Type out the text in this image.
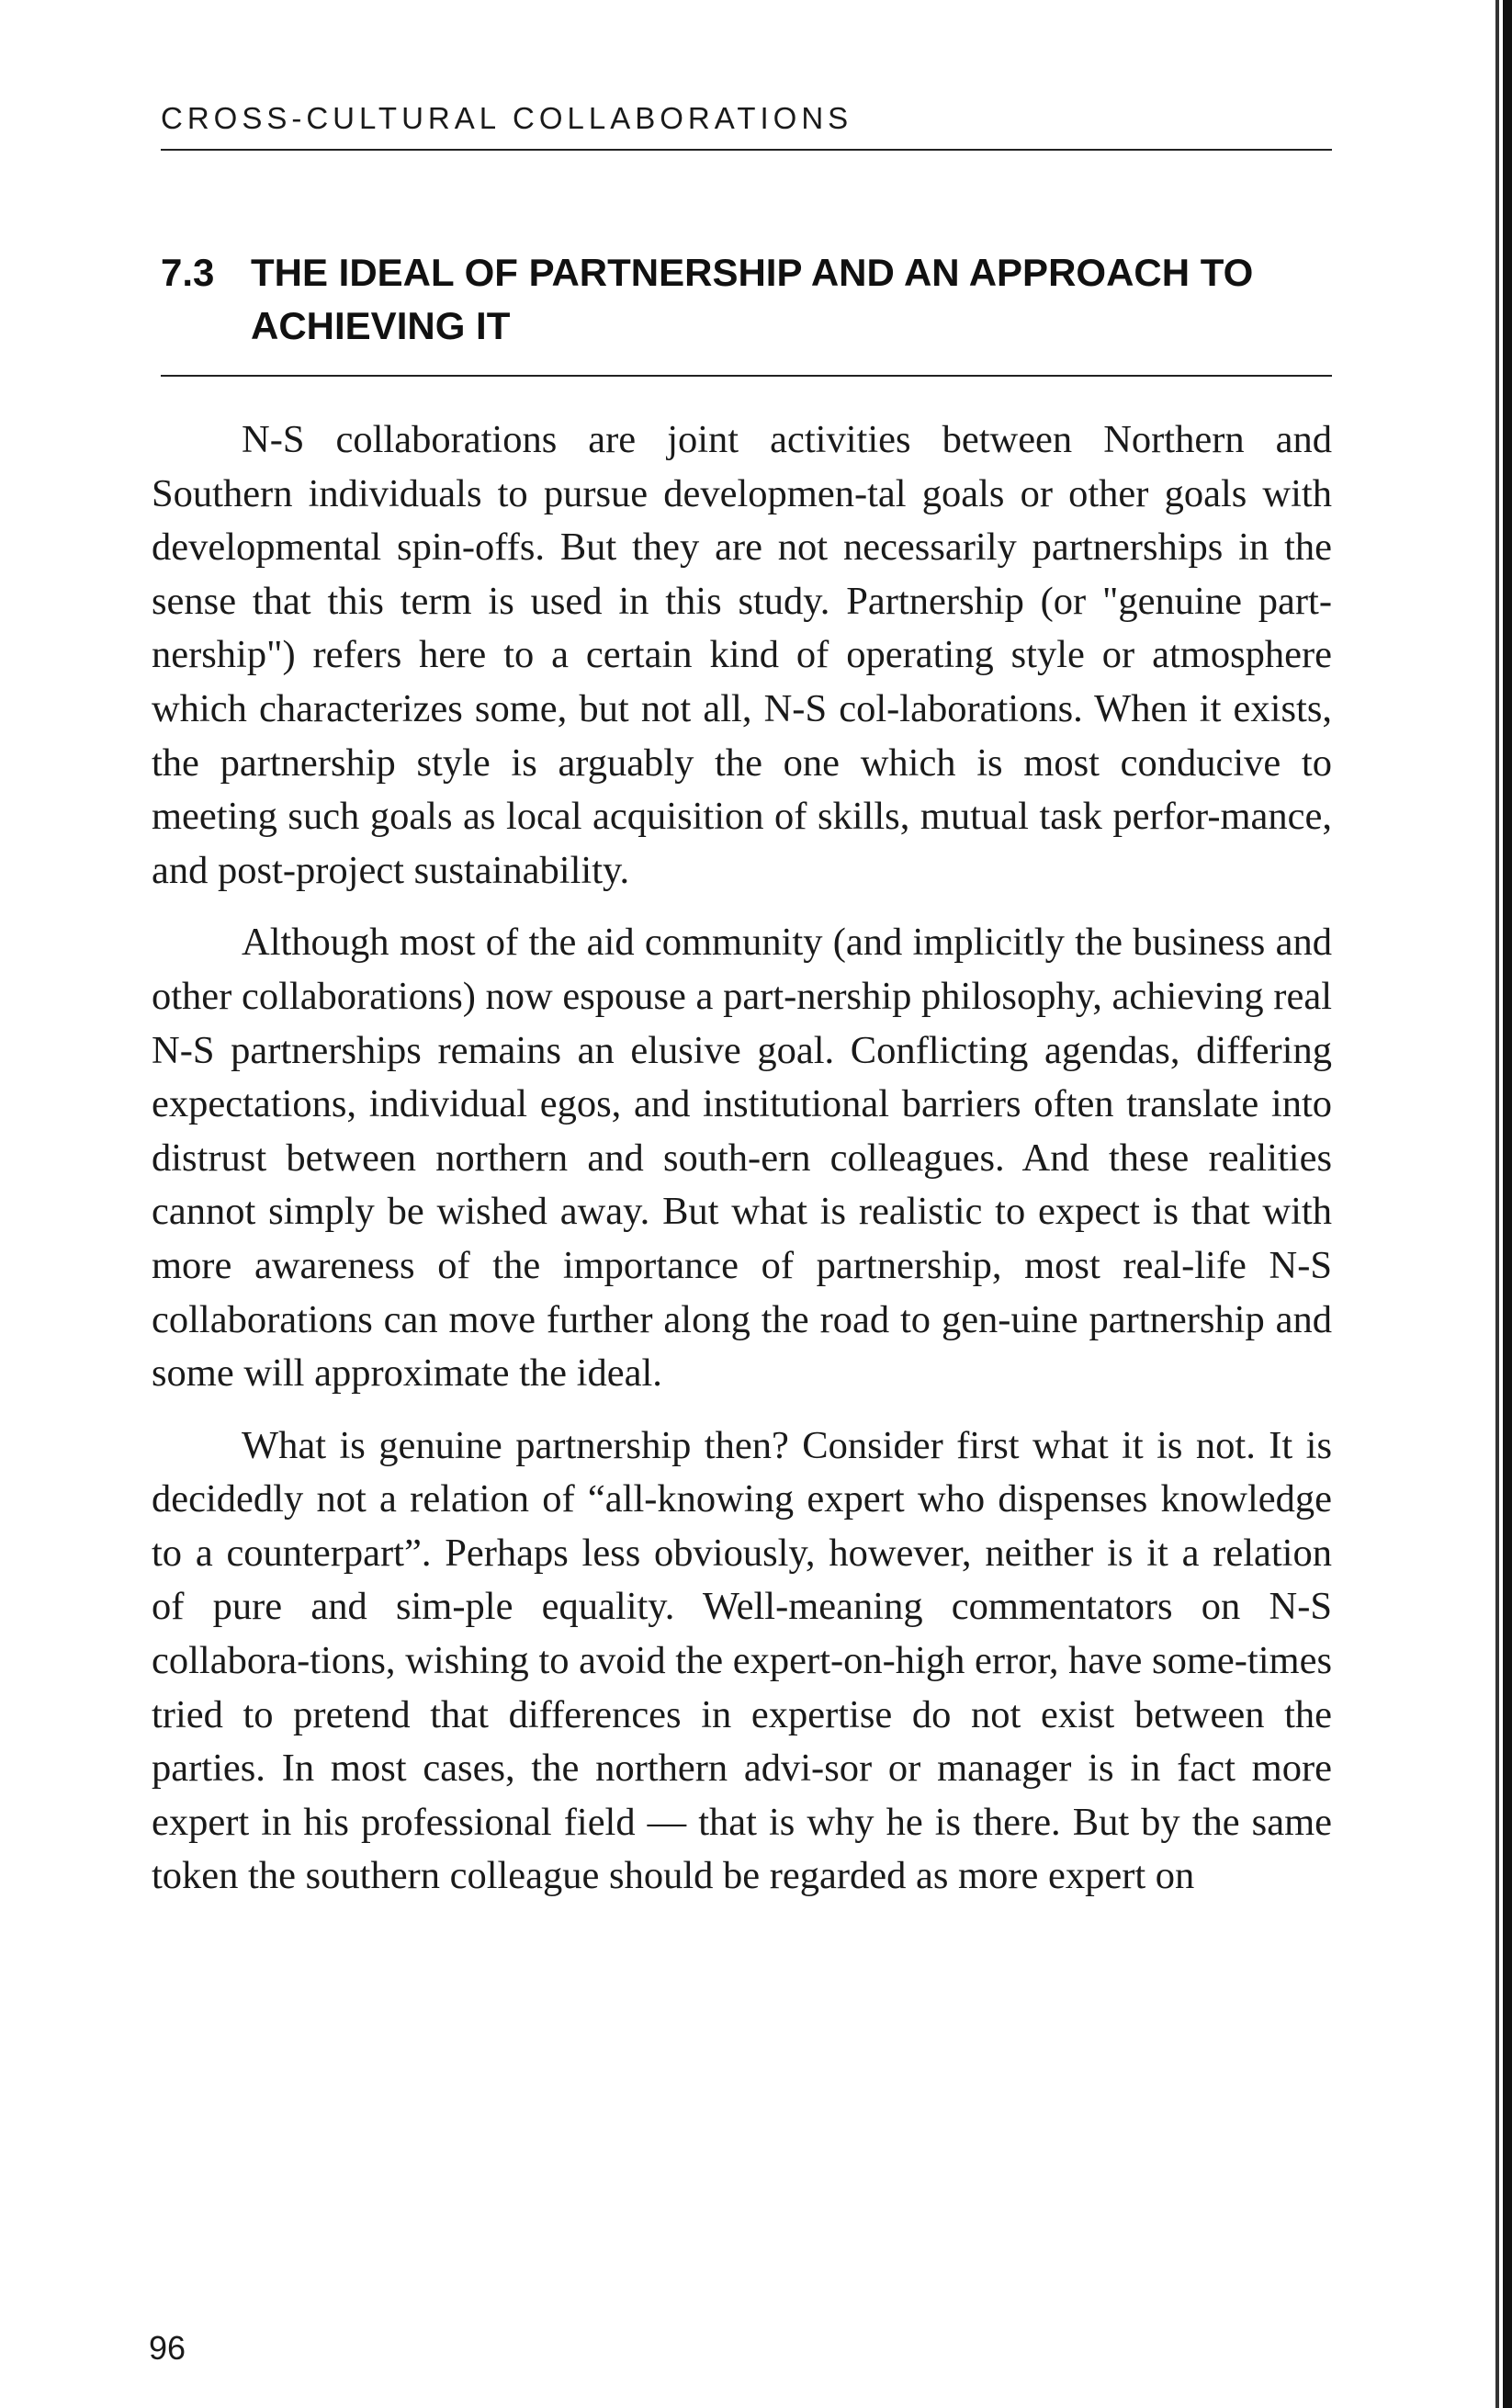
CROSS-CULTURAL COLLABORATIONS
7.3 THE IDEAL OF PARTNERSHIP AND AN APPROACH TO ACHIEVING IT

N-S collaborations are joint activities between Northern and Southern individuals to pursue developmen-tal goals or other goals with developmental spin-offs. But they are not necessarily partnerships in the sense that this term is used in this study. Partnership (or "genuine part-nership") refers here to a certain kind of operating style or atmosphere which characterizes some, but not all, N-S col-laborations. When it exists, the partnership style is arguably the one which is most conducive to meeting such goals as local acquisition of skills, mutual task perfor-mance, and post-project sustainability.

Although most of the aid community (and implicitly the business and other collaborations) now espouse a part-nership philosophy, achieving real N-S partnerships remains an elusive goal. Conflicting agendas, differing expectations, individual egos, and institutional barriers often translate into distrust between northern and south-ern colleagues. And these realities cannot simply be wished away. But what is realistic to expect is that with more awareness of the importance of partnership, most real-life N-S collaborations can move further along the road to gen-uine partnership and some will approximate the ideal.

What is genuine partnership then? Consider first what it is not. It is decidedly not a relation of “all-knowing expert who dispenses knowledge to a counterpart”. Perhaps less obviously, however, neither is it a relation of pure and sim-ple equality. Well-meaning commentators on N-S collabora-tions, wishing to avoid the expert-on-high error, have some-times tried to pretend that differences in expertise do not exist between the parties. In most cases, the northern advi-sor or manager is in fact more expert in his professional field — that is why he is there. But by the same token the southern colleague should be regarded as more expert on

96
